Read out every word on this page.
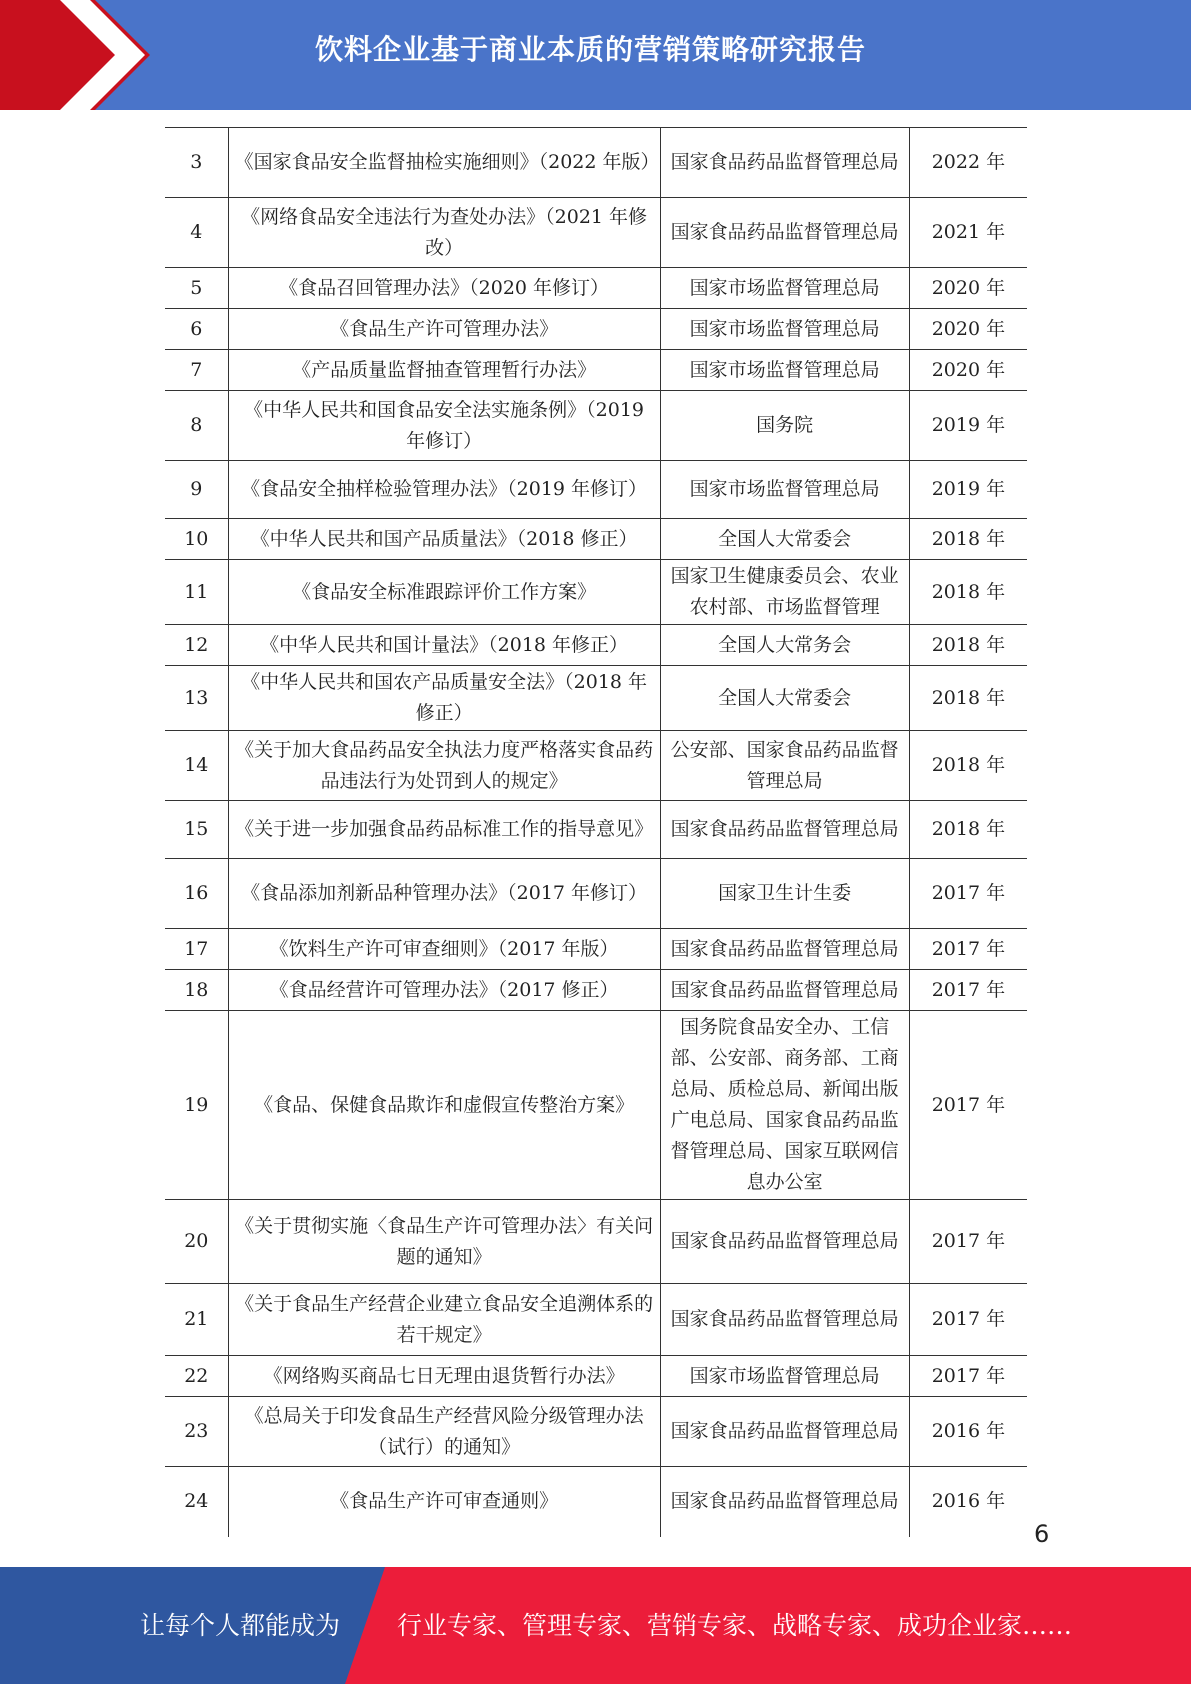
饮料企业基于商业本质的营销策略研究报告
3	《国家食品安全监督抽检实施细则》（2022 年版）	国家食品药品监督管理总局	2022 年
4	《网络食品安全违法行为查处办法》（2021 年修改）	国家食品药品监督管理总局	2021 年
5	《食品召回管理办法》（2020 年修订）	国家市场监督管理总局	2020 年
6	《食品生产许可管理办法》	国家市场监督管理总局	2020 年
7	《产品质量监督抽查管理暂行办法》	国家市场监督管理总局	2020 年
8	《中华人民共和国食品安全法实施条例》（2019 年修订）	国务院	2019 年
9	《食品安全抽样检验管理办法》（2019 年修订）	国家市场监督管理总局	2019 年
10	《中华人民共和国产品质量法》（2018 修正）	全国人大常委会	2018 年
11	《食品安全标准跟踪评价工作方案》	国家卫生健康委员会、农业农村部、市场监督管理	2018 年
12	《中华人民共和国计量法》（2018 年修正）	全国人大常务会	2018 年
13	《中华人民共和国农产品质量安全法》（2018 年修正）	全国人大常委会	2018 年
14	《关于加大食品药品安全执法力度严格落实食品药品违法行为处罚到人的规定》	公安部、国家食品药品监督管理总局	2018 年
15	《关于进一步加强食品药品标准工作的指导意见》	国家食品药品监督管理总局	2018 年
16	《食品添加剂新品种管理办法》（2017 年修订）	国家卫生计生委	2017 年
17	《饮料生产许可审查细则》（2017 年版）	国家食品药品监督管理总局	2017 年
18	《食品经营许可管理办法》（2017 修正）	国家食品药品监督管理总局	2017 年
19	《食品、保健食品欺诈和虚假宣传整治方案》	国务院食品安全办、工信部、公安部、商务部、工商总局、质检总局、新闻出版广电总局、国家食品药品监督管理总局、国家互联网信息办公室	2017 年
20	《关于贯彻实施〈食品生产许可管理办法〉有关问题的通知》	国家食品药品监督管理总局	2017 年
21	《关于食品生产经营企业建立食品安全追溯体系的若干规定》	国家食品药品监督管理总局	2017 年
22	《网络购买商品七日无理由退货暂行办法》	国家市场监督管理总局	2017 年
23	《总局关于印发食品生产经营风险分级管理办法（试行）的通知》	国家食品药品监督管理总局	2016 年
24	《食品生产许可审查通则》	国家食品药品监督管理总局	2016 年
6
让每个人都能成为 行业专家、管理专家、营销专家、战略专家、成功企业家……
